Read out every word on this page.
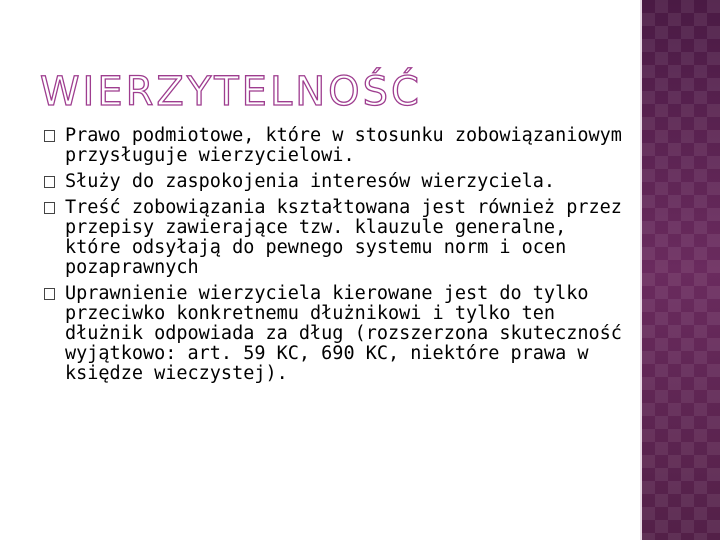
WIERZYTELNOŚĆ
Prawo podmiotowe, które w stosunku zobowiązaniowym przysługuje wierzycielowi.
Służy do zaspokojenia interesów wierzyciela.
Treść zobowiązania kształtowana jest również przez przepisy zawierające tzw. klauzule generalne, które odsyłają do pewnego systemu norm i ocen pozaprawnych
Uprawnienie wierzyciela kierowane jest do tylko przeciwko konkretnemu dłużnikowi i tylko ten dłużnik odpowiada za dług (rozszerzona skuteczność wyjątkowo: art. 59 KC, 690 KC, niektóre prawa w księdze wieczystej).
